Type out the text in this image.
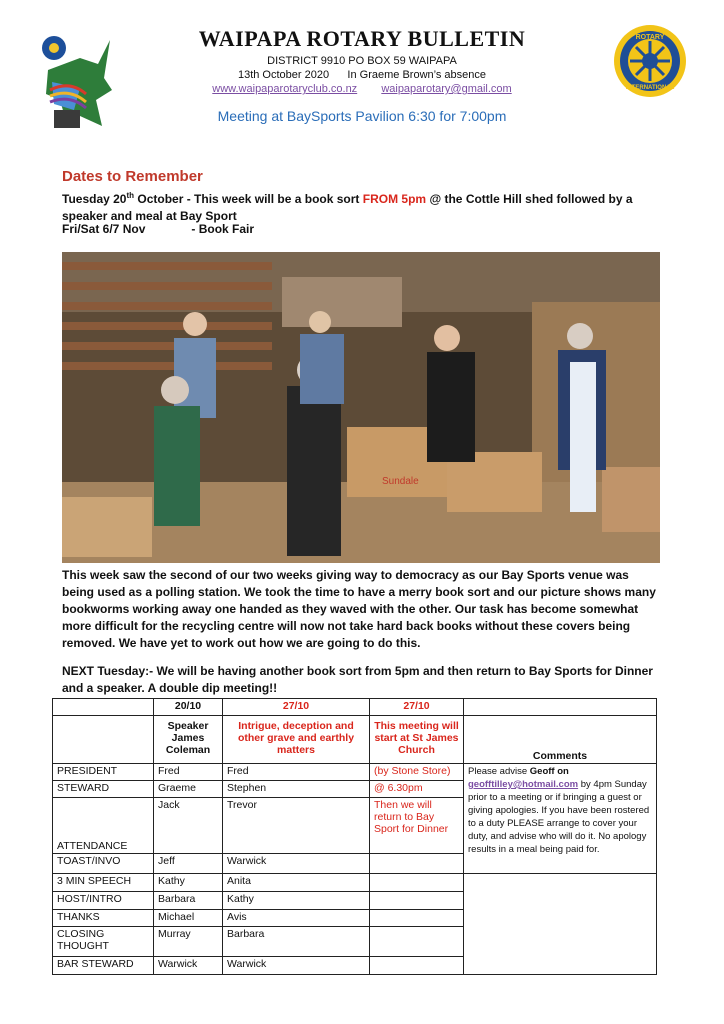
ROTARY
INTERNATIONAL
WAIPAPA ROTARY BULLETIN
DISTRICT 9910 PO BOX 59 WAIPAPA
13th October 2020      In Graeme Brown’s absence
www.waipaparotaryclub.co.nz waipaparotary@gmail.com
Meeting at BaySports Pavilion 6:30 for 7:00pm
Dates to Remember
Tuesday 20th October - This week will be a book sort FROM 5pm @ the Cottle Hill shed followed by a speaker and meal at Bay Sport
Fri/Sat 6/7 Nov	- Book Fair
Sundale
This week saw the second of our two weeks giving way to democracy as our Bay Sports venue was being used as a polling station. We took the time to have a merry book sort and our picture shows many bookworms working away one handed as they waved with the other. Our task has become somewhat more difficult for the recycling centre will now not take hard back books without these covers being removed. We have yet to work out how we are going to do this.
NEXT Tuesday:- We will be having another book sort from 5pm and then return to Bay Sports for Dinner and a speaker. A double dip meeting!!
	20/10	27/10	27/10	
	Speaker James Coleman	Intrigue, deception and other grave and earthly matters	This meeting will start at St James Church	Comments
PRESIDENT	Fred	Fred	(by Stone Store)	Please advise Geoff on geofftilley@hotmail.com by 4pm Sunday prior to a meeting or if bringing a guest or giving apologies. If you have been rostered to a duty PLEASE arrange to cover your duty, and advise who will do it. No apology results in a meal being paid for.
STEWARD	Graeme	Stephen	@ 6.30pm	
ATTENDANCE	Jack	Trevor	Then we will return to Bay Sport for Dinner	
TOAST/INVO	Jeff	Warwick		
3 MIN SPEECH	Kathy	Anita		
HOST/INTRO	Barbara	Kathy		
THANKS	Michael	Avis		
CLOSING THOUGHT	Murray	Barbara		
BAR STEWARD	Warwick	Warwick		
